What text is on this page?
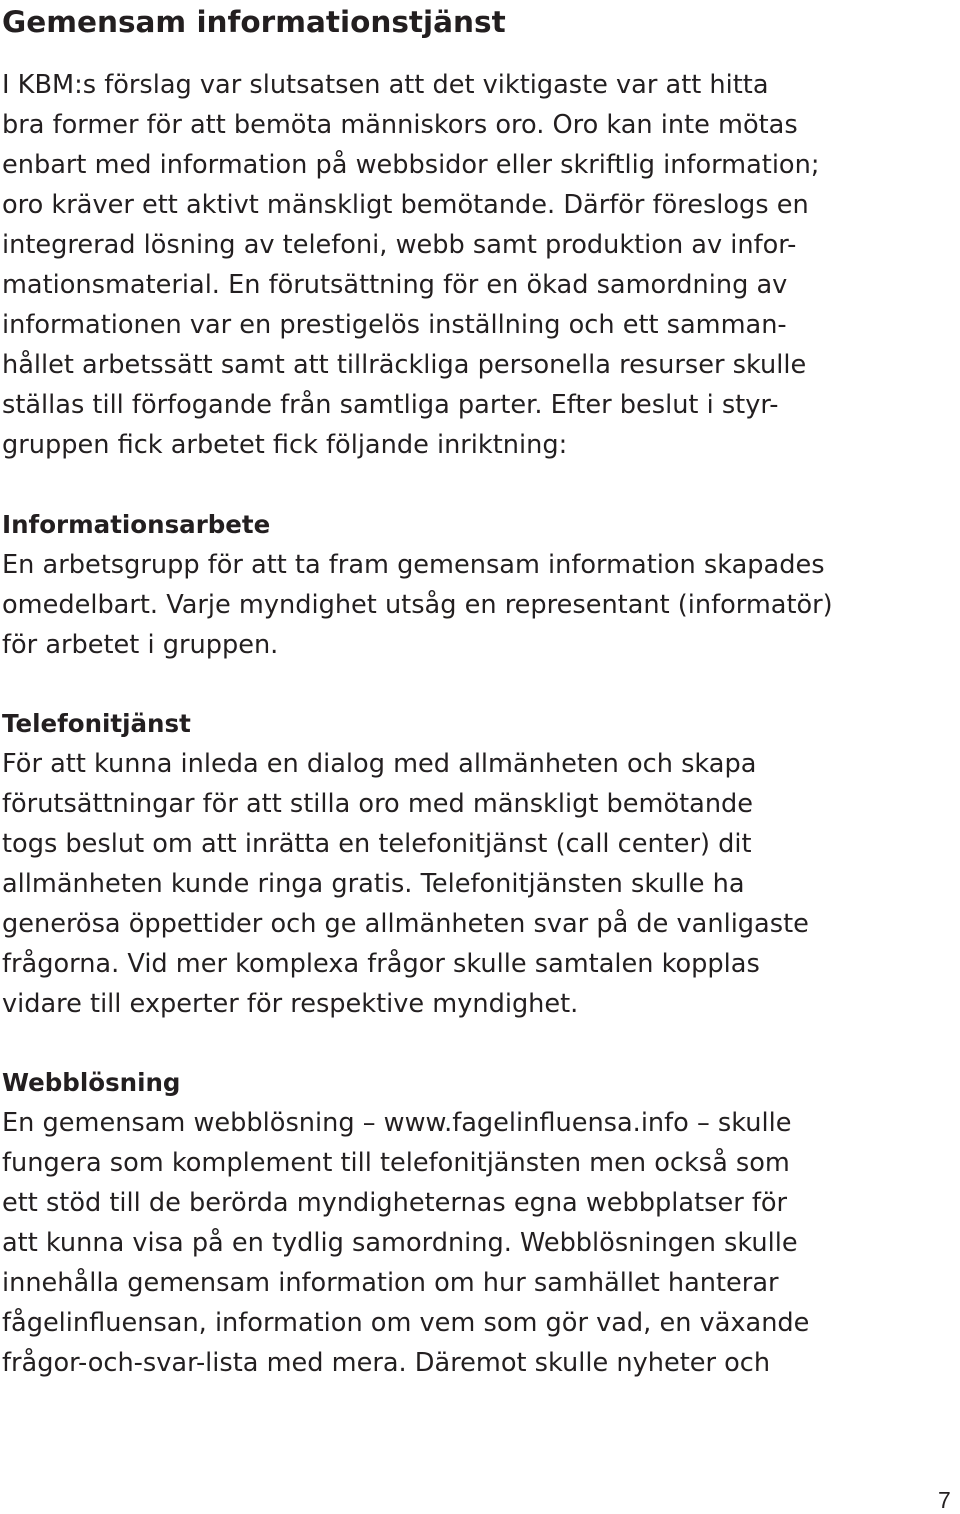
Gemensam informationstjänst
I KBM:s förslag var slutsatsen att det viktigaste var att hitta
bra former för att bemöta människors oro. Oro kan inte mötas
enbart med information på webbsidor eller skriftlig information;
oro kräver ett aktivt mänskligt bemötande. Därför föreslogs en
integrerad lösning av telefoni, webb samt produktion av infor-
mationsmaterial. En förutsättning för en ökad samordning av
informationen var en prestigelös inställning och ett samman-
hållet arbetssätt samt att tillräckliga personella resurser skulle
ställas till förfogande från samtliga parter. Efter beslut i styr-
gruppen fick arbetet fick följande inriktning:
Informationsarbete
En arbetsgrupp för att ta fram gemensam information skapades
omedelbart. Varje myndighet utsåg en representant (informatör)
för arbetet i gruppen.
Telefonitjänst
För att kunna inleda en dialog med allmänheten och skapa
förutsättningar för att stilla oro med mänskligt bemötande
togs beslut om att inrätta en telefonitjänst (call center) dit
allmänheten kunde ringa gratis. Telefonitjänsten skulle ha
generösa öppettider och ge allmänheten svar på de vanligaste
frågorna. Vid mer komplexa frågor skulle samtalen kopplas
vidare till experter för respektive myndighet.
Webblösning
En gemensam webblösning – www.fagelinfluensa.info – skulle
fungera som komplement till telefonitjänsten men också som
ett stöd till de berörda myndigheternas egna webbplatser för
att kunna visa på en tydlig samordning. Webblösningen skulle
innehålla gemensam information om hur samhället hanterar
fågelinfluensan, information om vem som gör vad, en växande
frågor-och-svar-lista med mera. Däremot skulle nyheter och
7
